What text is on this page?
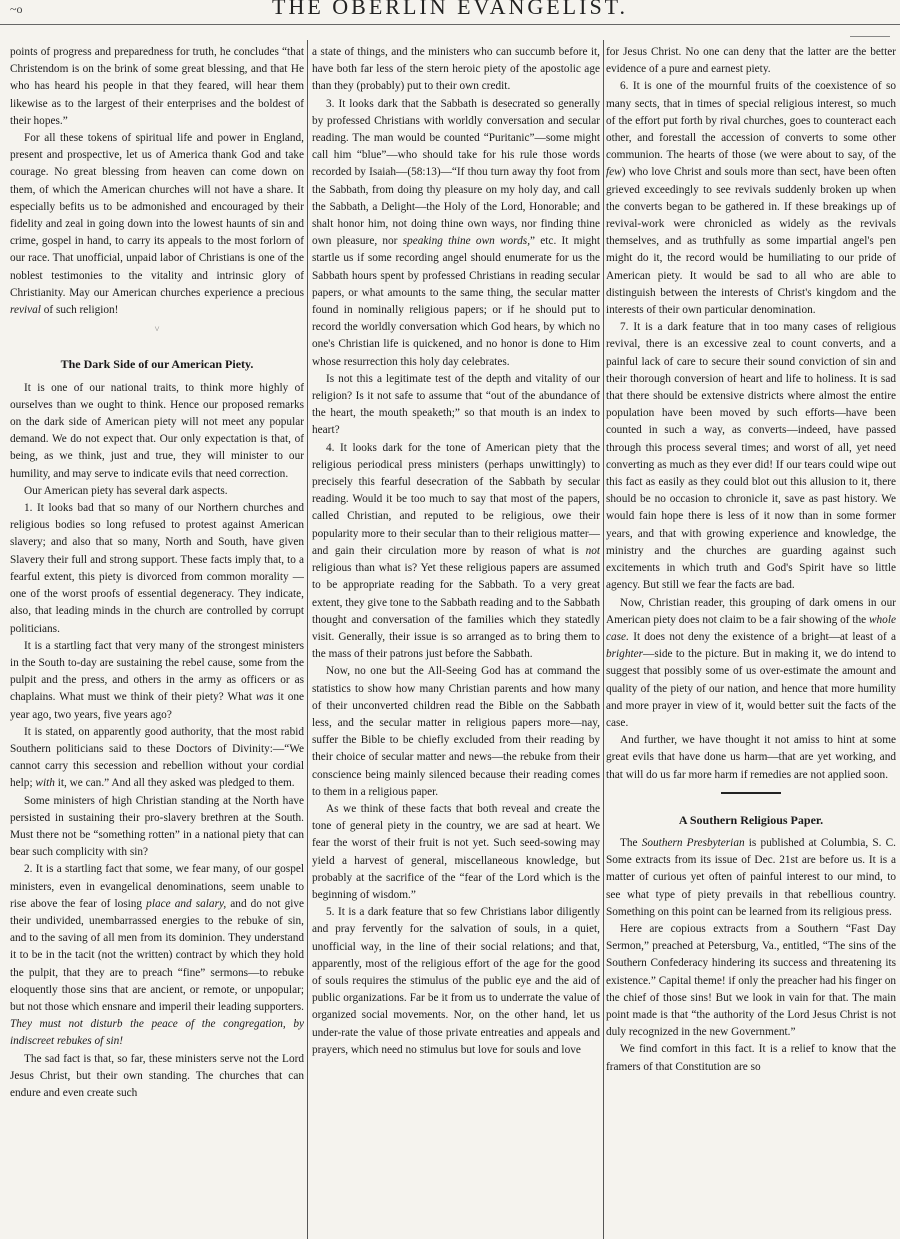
~o	THE OBERLIN EVANGELIST.

points of progress and preparedness for truth, he concludes “that Christendom is on the brink of some great blessing, and that He who has heard his people in that they feared, will hear them likewise as to the largest of their enterprises and the boldest of their hopes.”

For all these tokens of spiritual life and power in England, present and prospective, let us of America thank God and take courage. No great blessing from heaven can come down on them, of which the American churches will not have a share. It especially befits us to be admonished and encouraged by their fidelity and zeal in going down into the lowest haunts of sin and crime, gospel in hand, to carry its appeals to the most forlorn of our race. That unofficial, unpaid labor of Christians is one of the noblest testimonies to the vitality and intrinsic glory of Christianity. May our American churches experience a precious revival of such religion!

˅
The Dark Side of our American Piety.

It is one of our national traits, to think more highly of ourselves than we ought to think. Hence our proposed remarks on the dark side of American piety will not meet any popular demand. We do not expect that. Our only expectation is that, of being, as we think, just and true, they will minister to our humility, and may serve to indicate evils that need correction.

Our American piety has several dark aspects.

1. It looks bad that so many of our Northern churches and religious bodies so long refused to protest against American slavery; and also that so many, North and South, have given Slavery their full and strong support. These facts imply that, to a fearful extent, this piety is divorced from common morality —one of the worst proofs of essential degeneracy. They indicate, also, that leading minds in the church are controlled by corrupt politicians.

It is a startling fact that very many of the strongest ministers in the South to-day are sustaining the rebel cause, some from the pulpit and the press, and others in the army as officers or as chaplains. What must we think of their piety? What was it one year ago, two years, five years ago?

It is stated, on apparently good authority, that the most rabid Southern politicians said to these Doctors of Divinity:—“We cannot carry this secession and rebellion without your cordial help; with it, we can.” And all they asked was pledged to them.

Some ministers of high Christian standing at the North have persisted in sustaining their pro-slavery brethren at the South. Must there not be “something rotten” in a national piety that can bear such complicity with sin?

2. It is a startling fact that some, we fear many, of our gospel ministers, even in evangelical denominations, seem unable to rise above the fear of losing place and salary, and do not give their undivided, unembarrassed energies to the rebuke of sin, and to the saving of all men from its dominion. They understand it to be in the tacit (not the written) contract by which they hold the pulpit, that they are to preach “fine” sermons—to rebuke eloquently those sins that are ancient, or remote, or unpopular; but not those which ensnare and imperil their leading supporters. They must not disturb the peace of the congregation, by indiscreet rebukes of sin!

The sad fact is that, so far, these ministers serve not the Lord Jesus Christ, but their own standing. The churches that can endure and even create such

a state of things, and the ministers who can succumb before it, have both far less of the stern heroic piety of the apostolic age than they (probably) put to their own credit.

3. It looks dark that the Sabbath is desecrated so generally by professed Christians with worldly conversation and secular reading. The man would be counted “Puritanic”—some might call him “blue”—who should take for his rule those words recorded by Isaiah—(58:13)—“If thou turn away thy foot from the Sabbath, from doing thy pleasure on my holy day, and call the Sabbath, a Delight—the Holy of the Lord, Honorable; and shalt honor him, not doing thine own ways, nor finding thine own pleasure, nor speaking thine own words,” etc. It might startle us if some recording angel should enumerate for us the Sabbath hours spent by professed Christians in reading secular papers, or what amounts to the same thing, the secular matter found in nominally religious papers; or if he should put to record the worldly conversation which God hears, by which no one's Christian life is quickened, and no honor is done to Him whose resurrection this holy day celebrates.

Is not this a legitimate test of the depth and vitality of our religion? Is it not safe to assume that “out of the abundance of the heart, the mouth speaketh;” so that mouth is an index to heart?

4. It looks dark for the tone of American piety that the religious periodical press ministers (perhaps unwittingly) to precisely this fearful desecration of the Sabbath by secular reading. Would it be too much to say that most of the papers, called Christian, and reputed to be religious, owe their popularity more to their secular than to their religious matter—and gain their circulation more by reason of what is not religious than what is? Yet these religious papers are assumed to be appropriate reading for the Sabbath. To a very great extent, they give tone to the Sabbath reading and to the Sabbath thought and conversation of the families which they statedly visit. Generally, their issue is so arranged as to bring them to the mass of their patrons just before the Sabbath.

Now, no one but the All-Seeing God has at command the statistics to show how many Christian parents and how many of their unconverted children read the Bible on the Sabbath less, and the secular matter in religious papers more—nay, suffer the Bible to be chiefly excluded from their reading by their choice of secular matter and news—the rebuke from their conscience being mainly silenced because their reading comes to them in a religious paper.

As we think of these facts that both reveal and create the tone of general piety in the country, we are sad at heart. We fear the worst of their fruit is not yet. Such seed-sowing may yield a harvest of general, miscellaneous knowledge, but probably at the sacrifice of the “fear of the Lord which is the beginning of wisdom.”

5. It is a dark feature that so few Christians labor diligently and pray fervently for the salvation of souls, in a quiet, unofficial way, in the line of their social relations; and that, apparently, most of the religious effort of the age for the good of souls requires the stimulus of the public eye and the aid of public organizations. Far be it from us to underrate the value of organized social movements. Nor, on the other hand, let us under-rate the value of those private entreaties and appeals and prayers, which need no stimulus but love for souls and love

for Jesus Christ. No one can deny that the latter are the better evidence of a pure and earnest piety.

6. It is one of the mournful fruits of the coexistence of so many sects, that in times of special religious interest, so much of the effort put forth by rival churches, goes to counteract each other, and forestall the accession of converts to some other communion. The hearts of those (we were about to say, of the few) who love Christ and souls more than sect, have been often grieved exceedingly to see revivals suddenly broken up when the converts began to be gathered in. If these breakings up of revival-work were chronicled as widely as the revivals themselves, and as truthfully as some impartial angel's pen might do it, the record would be humiliating to our pride of American piety. It would be sad to all who are able to distinguish between the interests of Christ's kingdom and the interests of their own particular denomination.

7. It is a dark feature that in too many cases of religious revival, there is an excessive zeal to count converts, and a painful lack of care to secure their sound conviction of sin and their thorough conversion of heart and life to holiness. It is sad that there should be extensive districts where almost the entire population have been moved by such efforts—have been counted in such a way, as converts—indeed, have passed through this process several times; and worst of all, yet need converting as much as they ever did! If our tears could wipe out this fact as easily as they could blot out this allusion to it, there should be no occasion to chronicle it, save as past history. We would fain hope there is less of it now than in some former years, and that with growing experience and knowledge, the ministry and the churches are guarding against such excitements in which truth and God's Spirit have so little agency. But still we fear the facts are bad.

Now, Christian reader, this grouping of dark omens in our American piety does not claim to be a fair showing of the whole case. It does not deny the existence of a bright—at least of a brighter—side to the picture. But in making it, we do intend to suggest that possibly some of us over-estimate the amount and quality of the piety of our nation, and hence that more humility and more prayer in view of it, would better suit the facts of the case.

And further, we have thought it not amiss to hint at some great evils that have done us harm—that are yet working, and that will do us far more harm if remedies are not applied soon.

A Southern Religious Paper.

The Southern Presbyterian is published at Columbia, S. C. Some extracts from its issue of Dec. 21st are before us. It is a matter of curious yet often of painful interest to our mind, to see what type of piety prevails in that rebellious country. Something on this point can be learned from its religious press.

Here are copious extracts from a Southern “Fast Day Sermon,” preached at Petersburg, Va., entitled, “The sins of the Southern Confederacy hindering its success and threatening its existence.” Capital theme! if only the preacher had his finger on the chief of those sins! But we look in vain for that. The main point made is that “the authority of the Lord Jesus Christ is not duly recognized in the new Government.”

We find comfort in this fact. It is a relief to know that the framers of that Constitution are so
